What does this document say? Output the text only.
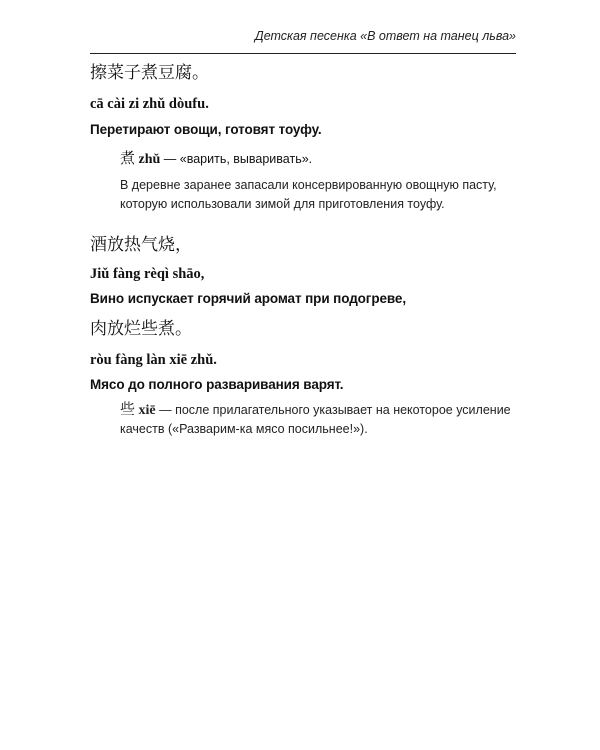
Детская песенка «В ответ на танец льва»

擦菜子煮豆腐。

cā cài zi zhǔ dòufu.

Перетирают овощи, готовят тоуфу.

煮 zhǔ — «варить, вываривать».

В деревне заранее запасали консервированную овощную пасту, которую использовали зимой для приготовления тоуфу.

酒放热气烧，

Jiǔ fàng rèqì shāo,

Вино испускает горячий аромат при подогреве,

肉放烂些煮。

ròu fàng làn xiē zhǔ.

Мясо до полного разваривания варят.

些 xiē — после прилагательного указывает на некоторое усиление качеств («Разварим-ка мясо посильнее!»).
